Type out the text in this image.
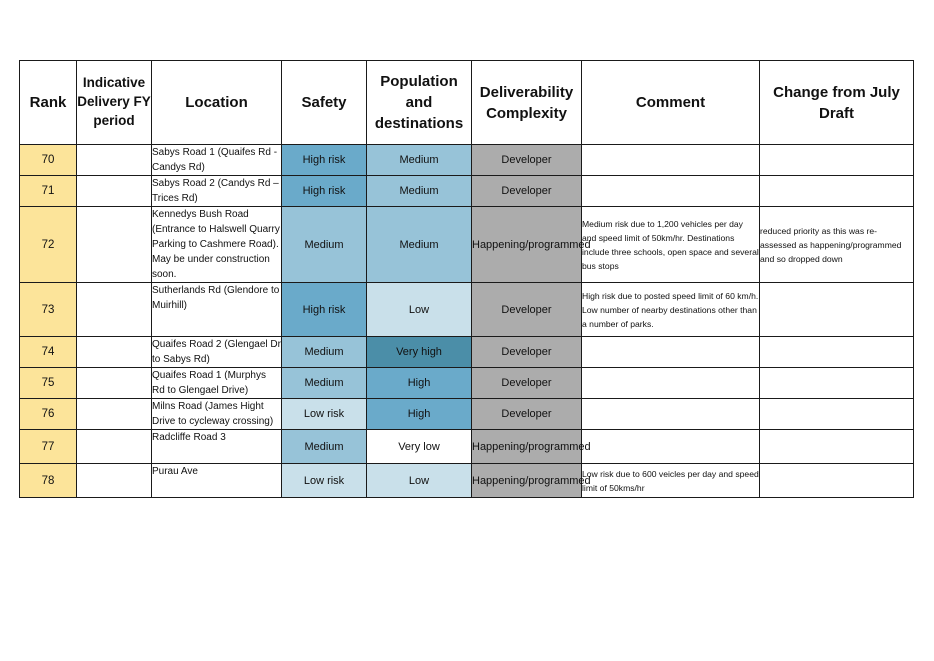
Rank	Indicative Delivery FY period	Location	Safety	Population and destinations	Deliverability Complexity	Comment	Change from July Draft
70		Sabys Road 1 (Quaifes Rd - Candys Rd)	High risk	Medium	Developer		
71		Sabys Road 2 (Candys Rd – Trices Rd)	High risk	Medium	Developer		
72		Kennedys Bush Road (Entrance to Halswell Quarry Parking to Cashmere Road). May be under construction soon.	Medium	Medium	Happening/programmed	Medium risk due to 1,200 vehicles per day and speed limit of 50km/hr. Destinations include three schools, open space and several bus stops	reduced priority as this was re-assessed as happening/programmed and so dropped down
73		Sutherlands Rd (Glendore to Muirhill)	High risk	Low	Developer	High risk due to posted speed limit of 60 km/h. Low number of nearby destinations other than a number of parks.	
74		Quaifes Road 2 (Glengael Dr to Sabys Rd)	Medium	Very high	Developer		
75		Quaifes Road 1 (Murphys Rd to Glengael Drive)	Medium	High	Developer		
76		Milns Road (James Hight Drive to cycleway crossing)	Low risk	High	Developer		
77		Radcliffe Road 3	Medium	Very low	Happening/programmed		
78		Purau Ave	Low risk	Low	Happening/programmed	Low risk due to 600 veicles per day and speed limit of 50kms/hr	
